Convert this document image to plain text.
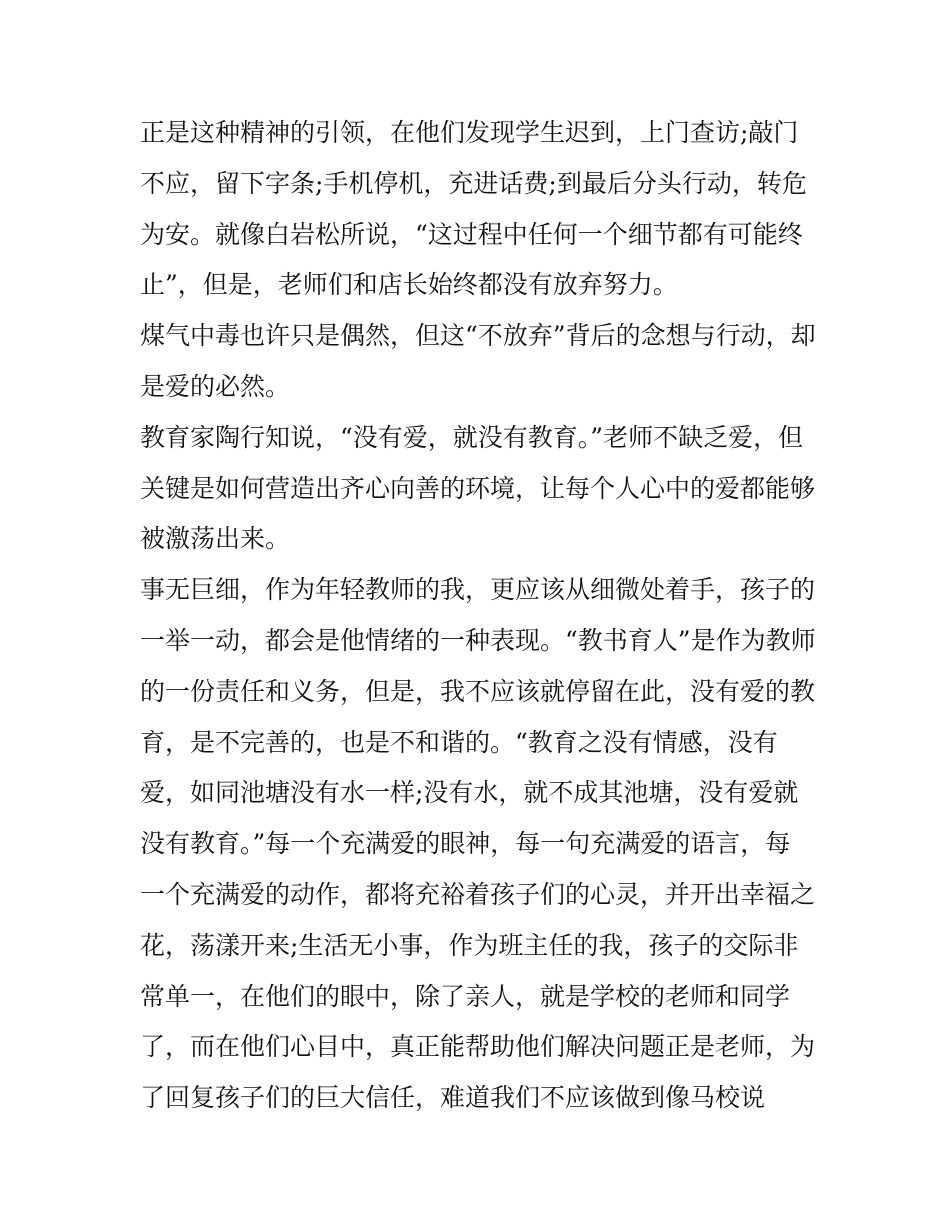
正是这种精神的引领，在他们发现学生迟到，上门查访;敲门
不应，留下字条;手机停机，充进话费;到最后分头行动，转危
为安。就像白岩松所说，“这过程中任何一个细节都有可能终
止”，但是，老师们和店长始终都没有放弃努力。
煤气中毒也许只是偶然，但这“不放弃”背后的念想与行动，却
是爱的必然。
教育家陶行知说，“没有爱，就没有教育。”老师不缺乏爱，但
关键是如何营造出齐心向善的环境，让每个人心中的爱都能够
被激荡出来。
事无巨细，作为年轻教师的我，更应该从细微处着手，孩子的
一举一动，都会是他情绪的一种表现。“教书育人”是作为教师
的一份责任和义务，但是，我不应该就停留在此，没有爱的教
育，是不完善的，也是不和谐的。“教育之没有情感，没有
爱，如同池塘没有水一样;没有水，就不成其池塘，没有爱就
没有教育。”每一个充满爱的眼神，每一句充满爱的语言，每
一个充满爱的动作，都将充裕着孩子们的心灵，并开出幸福之
花，荡漾开来;生活无小事，作为班主任的我，孩子的交际非
常单一，在他们的眼中，除了亲人，就是学校的老师和同学
了，而在他们心目中，真正能帮助他们解决问题正是老师，为
了回复孩子们的巨大信任，难道我们不应该做到像马校说
